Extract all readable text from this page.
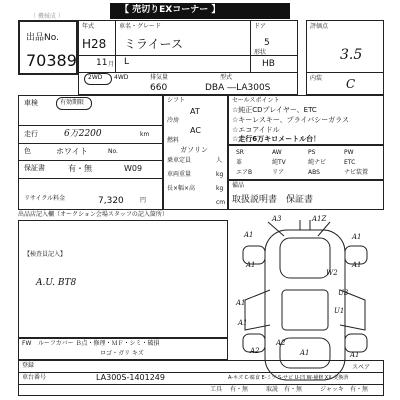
【 売切りEXコーナー 】
（ 機械成 ）
出品No.
70389
年式
H28
11 月
車名・グレード
ミライース
L
ドア
5
形状
HB
2WD 4WD	排気量	型式
660	DBA ―LA300S
評価点
3.5
内装 C
車検	有効期限
走行	6万2200	km
色	ホワイト	No.
W09
保証書	有・無
リサイクル料金	7,320	円
シフト
AT
冷房
AC
燃料
ガソリン
乗車定員
車両重量
長×幅×高
人
kg
kg
cm
セールスポイント
☆純正CDプレイヤー、ETC
☆キーレスキー、プライバシーガラス
☆エコアイドル
☆走行6万キロメートル台！
SR	AW	PS	PW
革	純TV	純ナビ	ETC
エアB	リア	ABS	ナビ装置
備品
取扱説明書　保証書
出品店記入欄（オークション会場スタッフの記入箇所）
【検査員記入】
A.U. BT8
A3	A1Z
A1	A1
W2
U3
U1
A1
A1
A2	A1
A2
A1
A1	A1
スペア
FW ルーフカバー Ｂ点・修理・ＭＦ・シミ・破損
ロゴ・ガリ キズ
登録
車台番号	LA300S-1401249	A-キズ C-腐食 E-ミゾ S-サビ U-凹 W-補修 XX-交換済
工具 有・無	取説 有・無	ジャッキ 有・無
